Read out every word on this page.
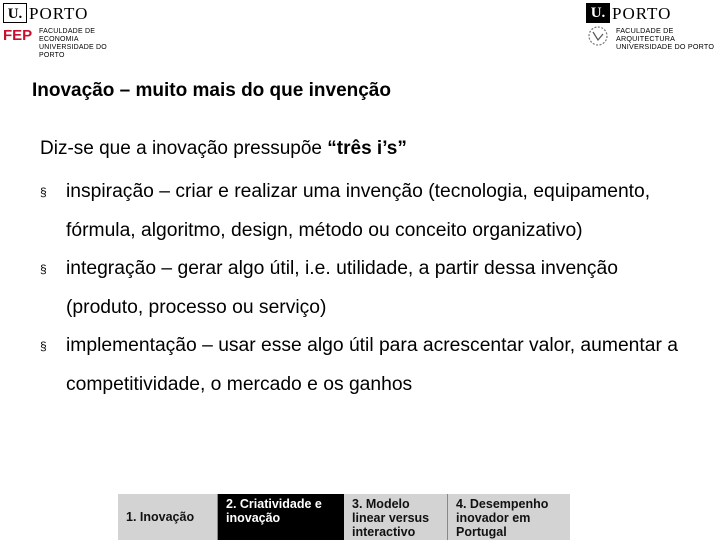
U. PORTO
FEP FACULDADE DE ECONOMIA
UNIVERSIDADE DO PORTO
U. PORTO
FACULDADE DE ARQUITECTURA
UNIVERSIDADE DO PORTO
Inovação – muito mais do que invenção
Diz-se que a inovação pressupõe “três i’s”
§ inspiração – criar e realizar uma invenção (tecnologia, equipamento, fórmula, algoritmo, design, método ou conceito organizativo)
§ integração – gerar algo útil, i.e. utilidade, a partir dessa invenção (produto, processo ou serviço)
§ implementação – usar esse algo útil para acrescentar valor, aumentar a competitividade, o mercado e os ganhos
1. Inovação
2. Criatividade e inovação
3. Modelo linear versus interactivo
4. Desempenho inovador em Portugal
